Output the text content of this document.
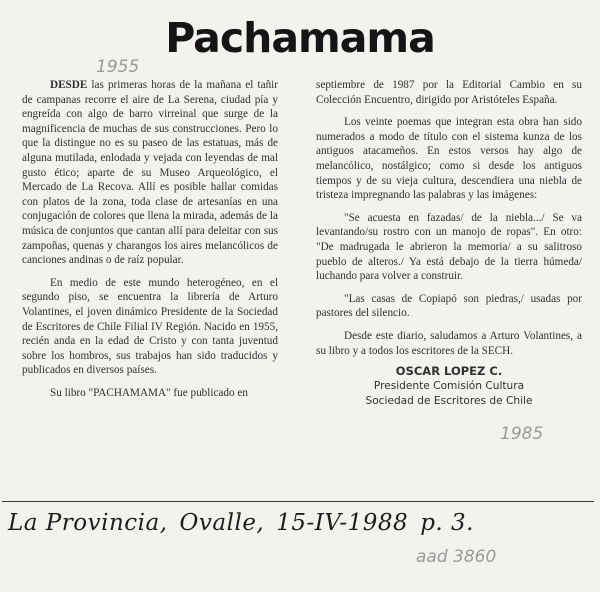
Pachamama
1955
1985

DESDE las primeras horas de la mañana el tañir de campanas recorre el aire de La Serena, ciudad pía y engreída con algo de barro virreinal que surge de la magnificencia de muchas de sus construcciones. Pero lo que la distingue no es su paseo de las estatuas, más de alguna mutilada, enlodada y vejada con leyendas de mal gusto ético; aparte de su Museo Arqueológico, el Mercado de La Recova. Allí es posible hallar comidas con platos de la zona, toda clase de artesanías en una conjugación de colores que llena la mirada, además de la música de conjuntos que cantan allí para deleitar con sus zampoñas, quenas y charangos los aires melancólicos de canciones andinas o de raíz popular.

En medio de este mundo heterogéneo, en el segundo piso, se encuentra la librería de Arturo Volantines, el joven dinámico Presidente de la Sociedad de Escritores de Chile Filial IV Región. Nacido en 1955, recién anda en la edad de Cristo y con tanta juventud sobre los hombros, sus trabajos han sido traducidos y publicados en diversos países.

Su libro "PACHAMAMA" fue publicado en

septiembre de 1987 por la Editorial Cambio en su Colección Encuentro, dirigido por Aristóteles España.

Los veinte poemas que integran esta obra han sido numerados a modo de título con el sistema kunza de los antiguos atacameños. En estos versos hay algo de melancólico, nostálgico; como si desde los antiguos tiempos y de su vieja cultura, descendiera una niebla de tristeza impregnando las palabras y las imágenes:

"Se acuesta en fazadas/ de la niebla.../ Se va levantando/su rostro con un manojo de ropas". En otro: "De madrugada le abrieron la memoria/ a su salitroso pueblo de alteros./ Ya está debajo de la tierra húmeda/ luchando para volver a construir.

"Las casas de Copiapó son piedras,/ usadas por pastores del silencio.

Desde este diario, saludamos a Arturo Volantines, a su libro y a todos los escritores de la SECH.

OSCAR LOPEZ C.
Presidente Comisión Cultura
Sociedad de Escritores de Chile
La Provincia, Ovalle, 15-IV-1988 p. 3.
aad 3860
